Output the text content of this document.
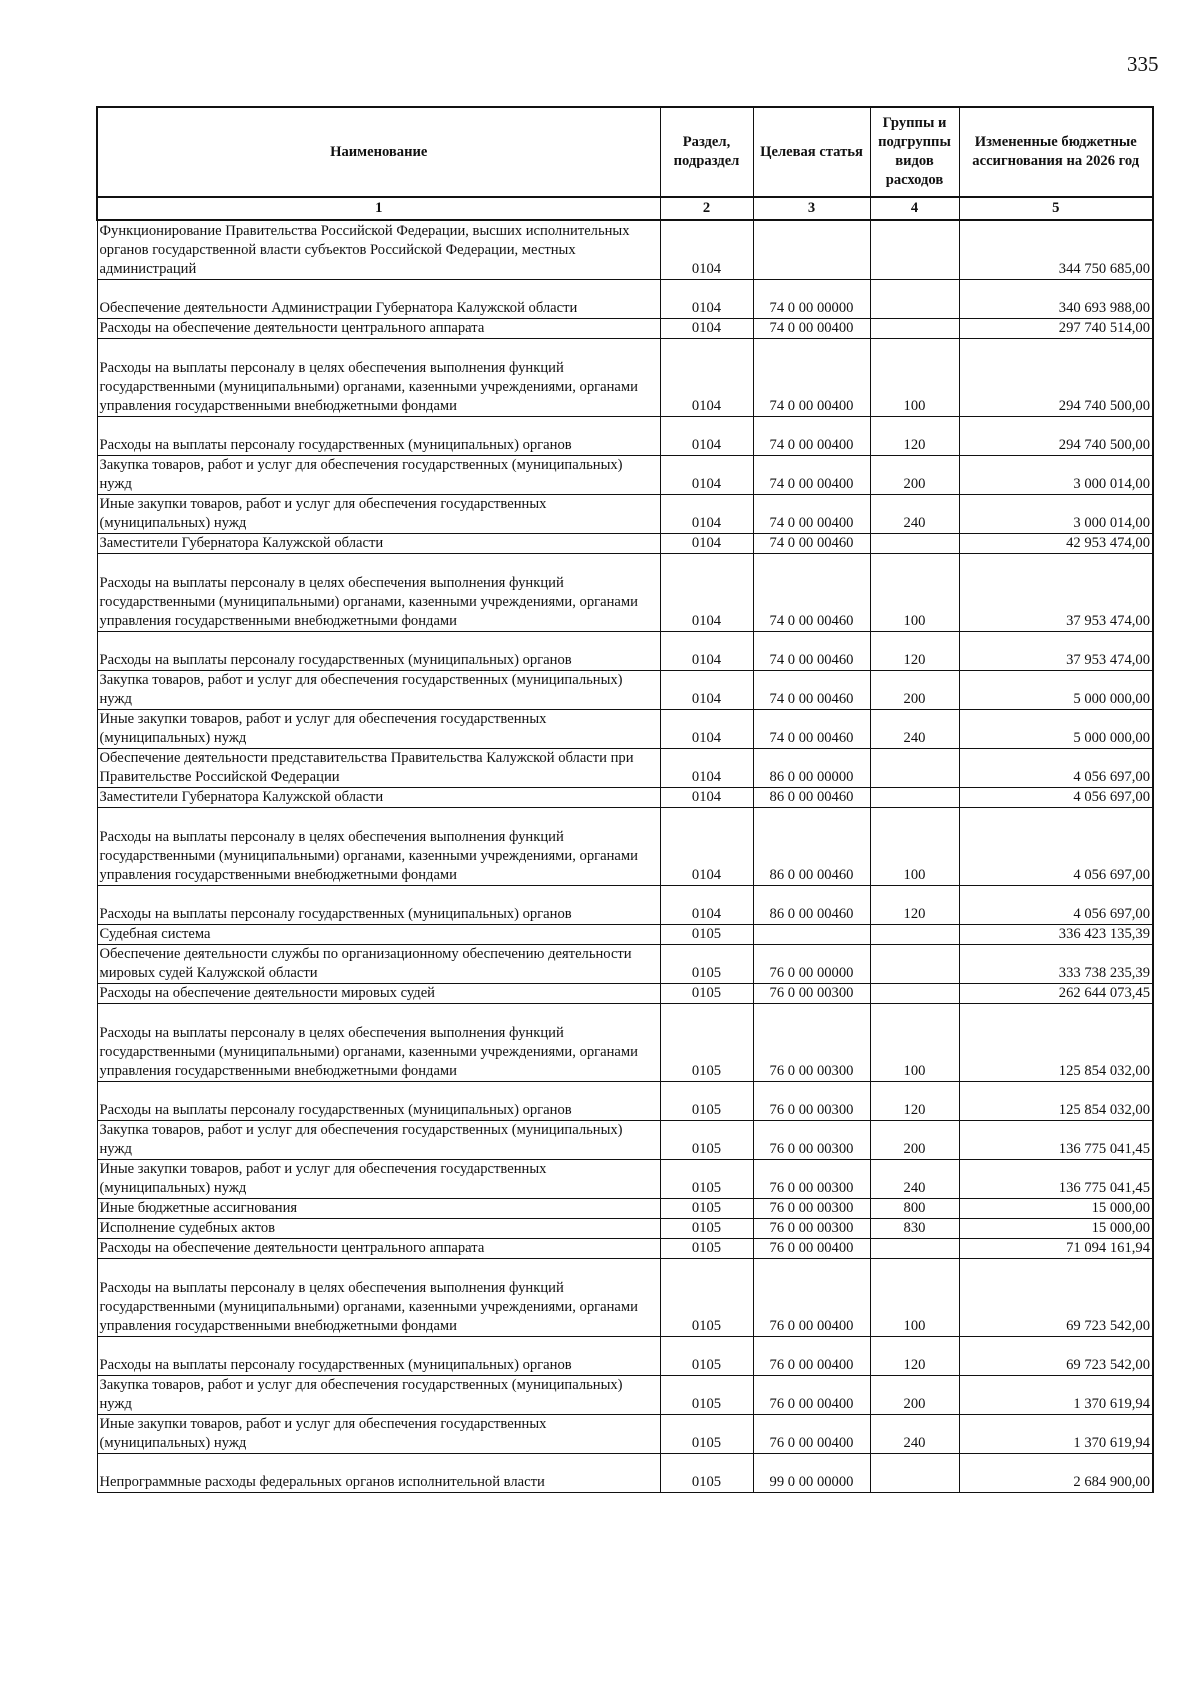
335
Наименование	Раздел, подраздел	Целевая статья	Группы и подгруппы видов расходов	Измененные бюджетные ассигнования на 2026 год
1	2	3	4	5
Функционирование Правительства Российской Федерации, высших исполнительных органов государственной власти субъектов Российской Федерации, местных администраций	0104			344 750 685,00
Обеспечение деятельности Администрации Губернатора Калужской области	0104	74 0 00 00000		340 693 988,00
Расходы на обеспечение деятельности центрального аппарата	0104	74 0 00 00400		297 740 514,00
Расходы на выплаты персоналу в целях обеспечения выполнения функций государственными (муниципальными) органами, казенными учреждениями, органами управления государственными внебюджетными фондами	0104	74 0 00 00400	100	294 740 500,00
Расходы на выплаты персоналу государственных (муниципальных) органов	0104	74 0 00 00400	120	294 740 500,00
Закупка товаров, работ и услуг для обеспечения государственных (муниципальных) нужд	0104	74 0 00 00400	200	3 000 014,00
Иные закупки товаров, работ и услуг для обеспечения государственных (муниципальных) нужд	0104	74 0 00 00400	240	3 000 014,00
Заместители Губернатора Калужской области	0104	74 0 00 00460		42 953 474,00
Расходы на выплаты персоналу в целях обеспечения выполнения функций государственными (муниципальными) органами, казенными учреждениями, органами управления государственными внебюджетными фондами	0104	74 0 00 00460	100	37 953 474,00
Расходы на выплаты персоналу государственных (муниципальных) органов	0104	74 0 00 00460	120	37 953 474,00
Закупка товаров, работ и услуг для обеспечения государственных (муниципальных) нужд	0104	74 0 00 00460	200	5 000 000,00
Иные закупки товаров, работ и услуг для обеспечения государственных (муниципальных) нужд	0104	74 0 00 00460	240	5 000 000,00
Обеспечение деятельности представительства Правительства Калужской области при Правительстве Российской Федерации	0104	86 0 00 00000		4 056 697,00
Заместители Губернатора Калужской области	0104	86 0 00 00460		4 056 697,00
Расходы на выплаты персоналу в целях обеспечения выполнения функций государственными (муниципальными) органами, казенными учреждениями, органами управления государственными внебюджетными фондами	0104	86 0 00 00460	100	4 056 697,00
Расходы на выплаты персоналу государственных (муниципальных) органов	0104	86 0 00 00460	120	4 056 697,00
Судебная система	0105			336 423 135,39
Обеспечение деятельности службы по организационному обеспечению деятельности мировых судей Калужской области	0105	76 0 00 00000		333 738 235,39
Расходы на обеспечение деятельности мировых судей	0105	76 0 00 00300		262 644 073,45
Расходы на выплаты персоналу в целях обеспечения выполнения функций государственными (муниципальными) органами, казенными учреждениями, органами управления государственными внебюджетными фондами	0105	76 0 00 00300	100	125 854 032,00
Расходы на выплаты персоналу государственных (муниципальных) органов	0105	76 0 00 00300	120	125 854 032,00
Закупка товаров, работ и услуг для обеспечения государственных (муниципальных) нужд	0105	76 0 00 00300	200	136 775 041,45
Иные закупки товаров, работ и услуг для обеспечения государственных (муниципальных) нужд	0105	76 0 00 00300	240	136 775 041,45
Иные бюджетные ассигнования	0105	76 0 00 00300	800	15 000,00
Исполнение судебных актов	0105	76 0 00 00300	830	15 000,00
Расходы на обеспечение деятельности центрального аппарата	0105	76 0 00 00400		71 094 161,94
Расходы на выплаты персоналу в целях обеспечения выполнения функций государственными (муниципальными) органами, казенными учреждениями, органами управления государственными внебюджетными фондами	0105	76 0 00 00400	100	69 723 542,00
Расходы на выплаты персоналу государственных (муниципальных) органов	0105	76 0 00 00400	120	69 723 542,00
Закупка товаров, работ и услуг для обеспечения государственных (муниципальных) нужд	0105	76 0 00 00400	200	1 370 619,94
Иные закупки товаров, работ и услуг для обеспечения государственных (муниципальных) нужд	0105	76 0 00 00400	240	1 370 619,94
Непрограммные расходы федеральных органов исполнительной власти	0105	99 0 00 00000		2 684 900,00
